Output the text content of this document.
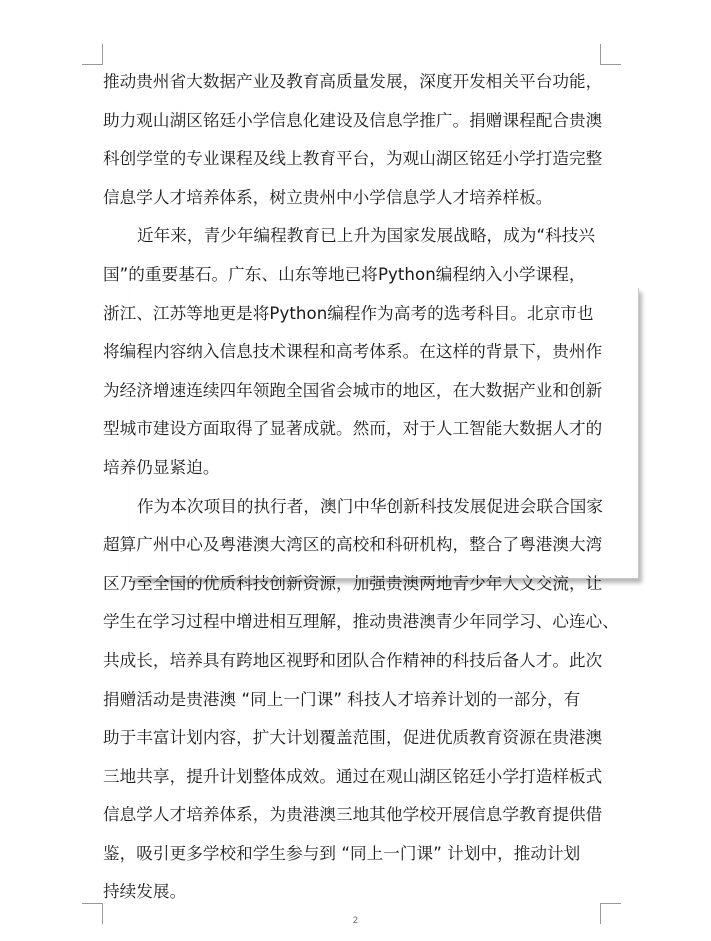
推动贵州省大数据产业及教育高质量发展，深度开发相关平台功能，
助力观山湖区铭廷小学信息化建设及信息学推广。捐赠课程配合贵澳
科创学堂的专业课程及线上教育平台，为观山湖区铭廷小学打造完整
信息学人才培养体系，树立贵州中小学信息学人才培养样板。
近年来，青少年编程教育已上升为国家发展战略，成为“科技兴
国”的重要基石。广东、山东等地已将Python编程纳入小学课程，
浙江、江苏等地更是将Python编程作为高考的选考科目。北京市也
将编程内容纳入信息技术课程和高考体系。在这样的背景下，贵州作
为经济增速连续四年领跑全国省会城市的地区，在大数据产业和创新
型城市建设方面取得了显著成就。然而，对于人工智能大数据人才的
培养仍显紧迫。
作为本次项目的执行者，澳门中华创新科技发展促进会联合国家
超算广州中心及粤港澳大湾区的高校和科研机构，整合了粤港澳大湾
区乃至全国的优质科技创新资源，加强贵澳两地青少年人文交流，让
学生在学习过程中增进相互理解，推动贵港澳青少年同学习、心连心、
共成长，培养具有跨地区视野和团队合作精神的科技后备人才。此次
捐赠活动是贵港澳 “同上一门课” 科技人才培养计划的一部分，有
助于丰富计划内容，扩大计划覆盖范围，促进优质教育资源在贵港澳
三地共享，提升计划整体成效。通过在观山湖区铭廷小学打造样板式
信息学人才培养体系，为贵港澳三地其他学校开展信息学教育提供借
鉴，吸引更多学校和学生参与到 “同上一门课” 计划中，推动计划
持续发展。
2
